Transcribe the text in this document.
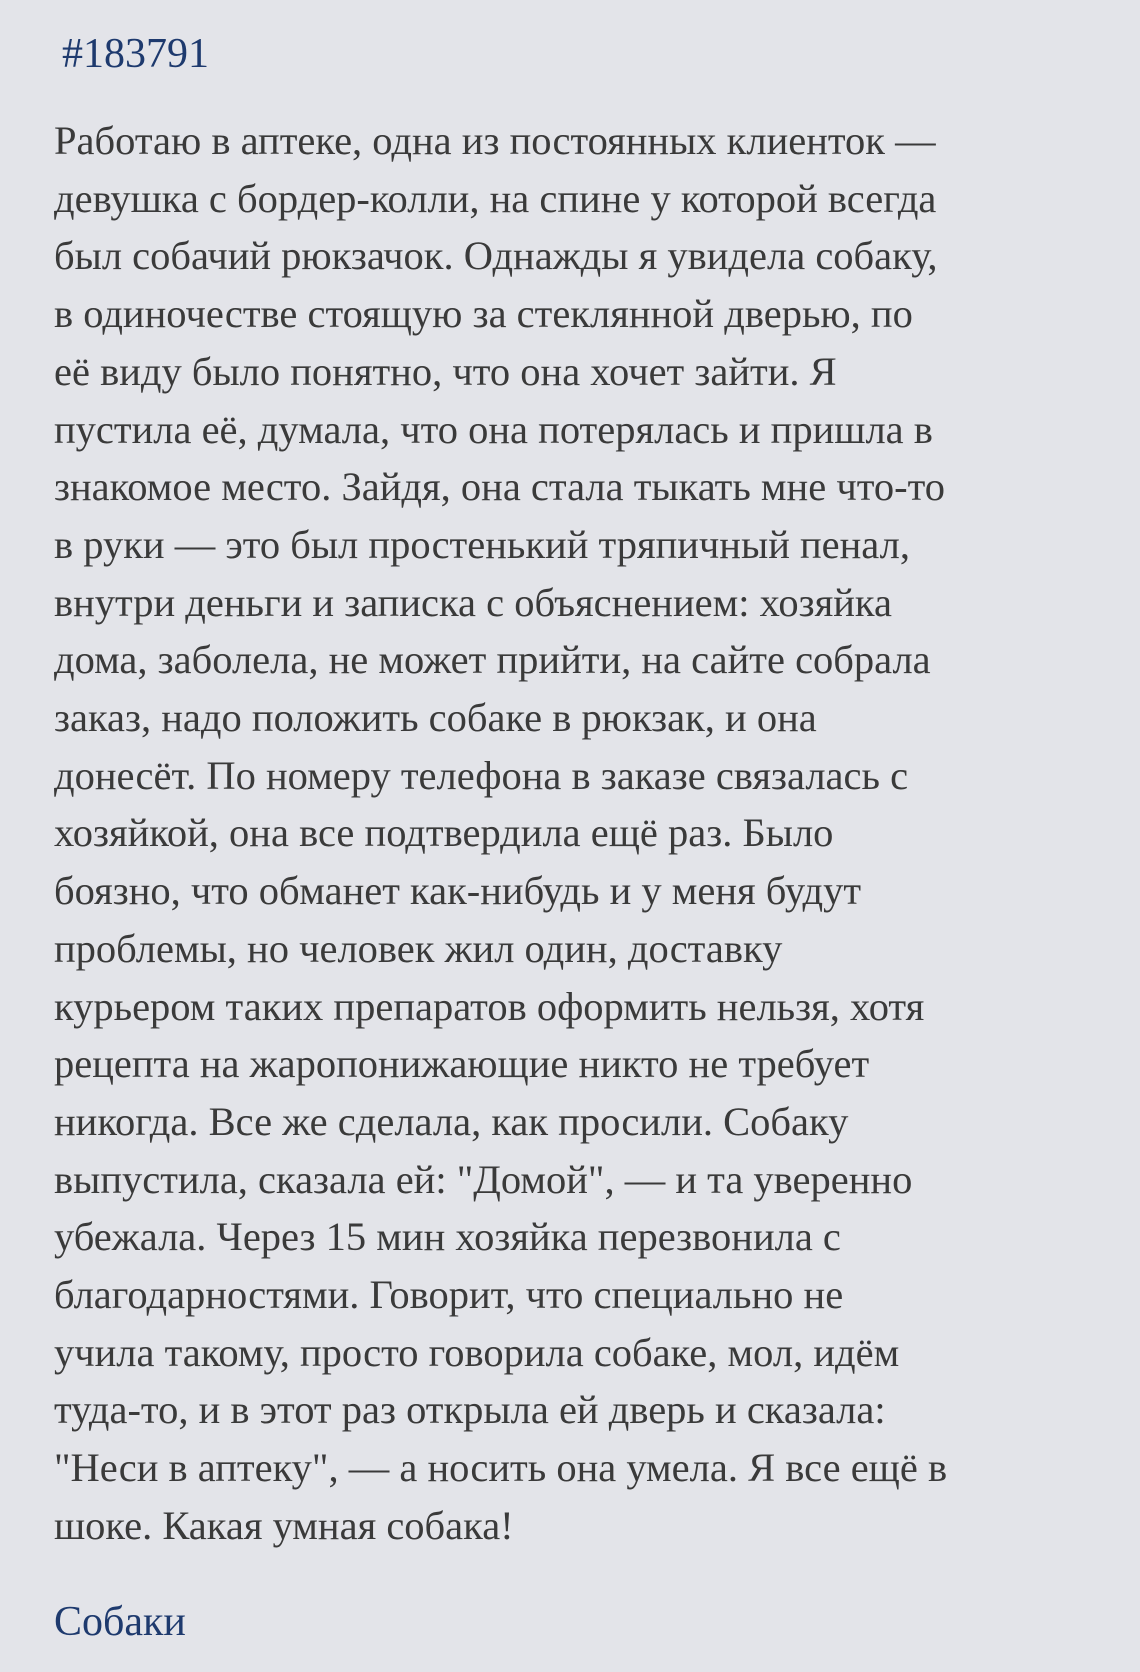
#183791

Работаю в аптеке, одна из постоянных клиенток —
девушка с бордер-колли, на спине у которой всегда
был собачий рюкзачок. Однажды я увидела собаку,
в одиночестве стоящую за стеклянной дверью, по
её виду было понятно, что она хочет зайти. Я
пустила её, думала, что она потерялась и пришла в
знакомое место. Зайдя, она стала тыкать мне что-то
в руки — это был простенький тряпичный пенал,
внутри деньги и записка с объяснением: хозяйка
дома, заболела, не может прийти, на сайте собрала
заказ, надо положить собаке в рюкзак, и она
донесёт. По номеру телефона в заказе связалась с
хозяйкой, она все подтвердила ещё раз. Было
боязно, что обманет как-нибудь и у меня будут
проблемы, но человек жил один, доставку
курьером таких препаратов оформить нельзя, хотя
рецепта на жаропонижающие никто не требует
никогда. Все же сделала, как просили. Собаку
выпустила, сказала ей: "Домой", — и та уверенно
убежала. Через 15 мин хозяйка перезвонила с
благодарностями. Говорит, что специально не
учила такому, просто говорила собаке, мол, идём
туда-то, и в этот раз открыла ей дверь и сказала:
"Неси в аптеку", — а носить она умела. Я все ещё в
шоке. Какая умная собака!

Собаки
